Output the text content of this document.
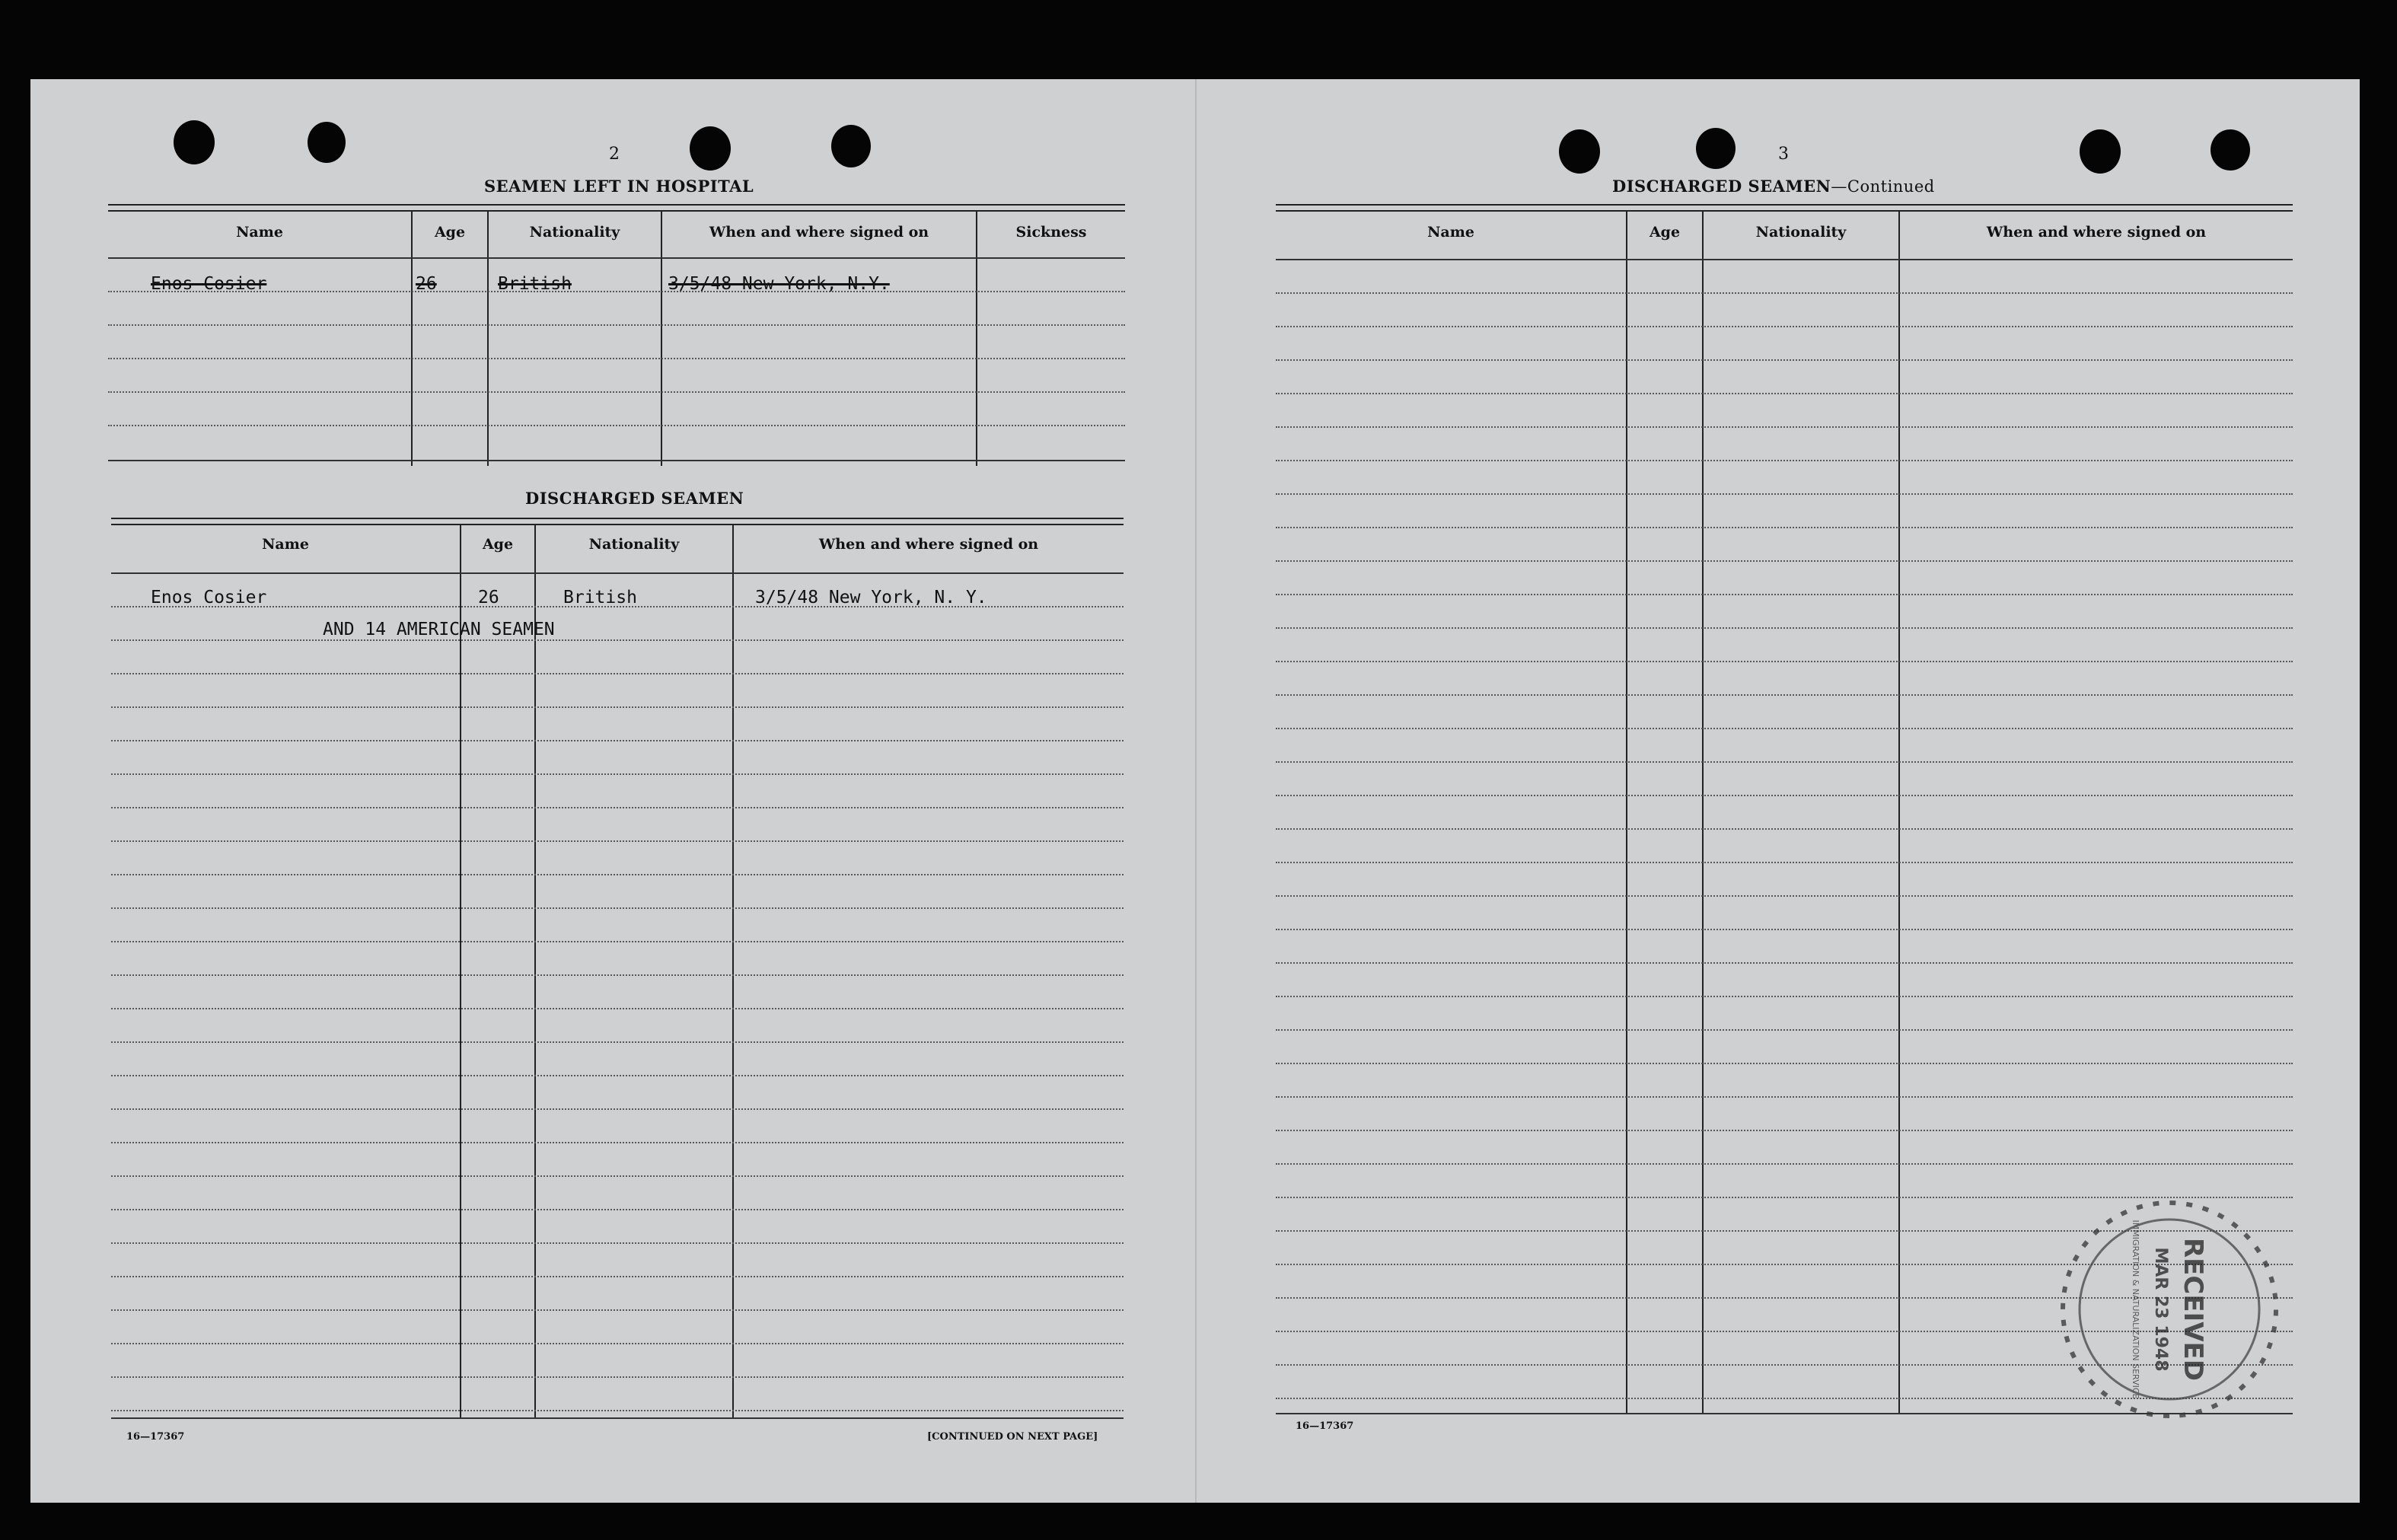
2
SEAMEN LEFT IN HOSPITAL
Name	Age	Nationality	When and where signed on	Sickness
Enos Cosier	26	British	3/5/48 New York, N.Y.
DISCHARGED SEAMEN
Name	Age	Nationality	When and where signed on
Enos Cosier	26	British	3/5/48 New York, N. Y.
AND 14 AMERICAN SEAMEN
16—17367	[CONTINUED ON NEXT PAGE]
3
DISCHARGED SEAMEN—Continued
Name	Age	Nationality	When and where signed on
16—17367
RECEIVED
MAR 23 1948
IMMIGRATION & NATURALIZATION SERVICE
